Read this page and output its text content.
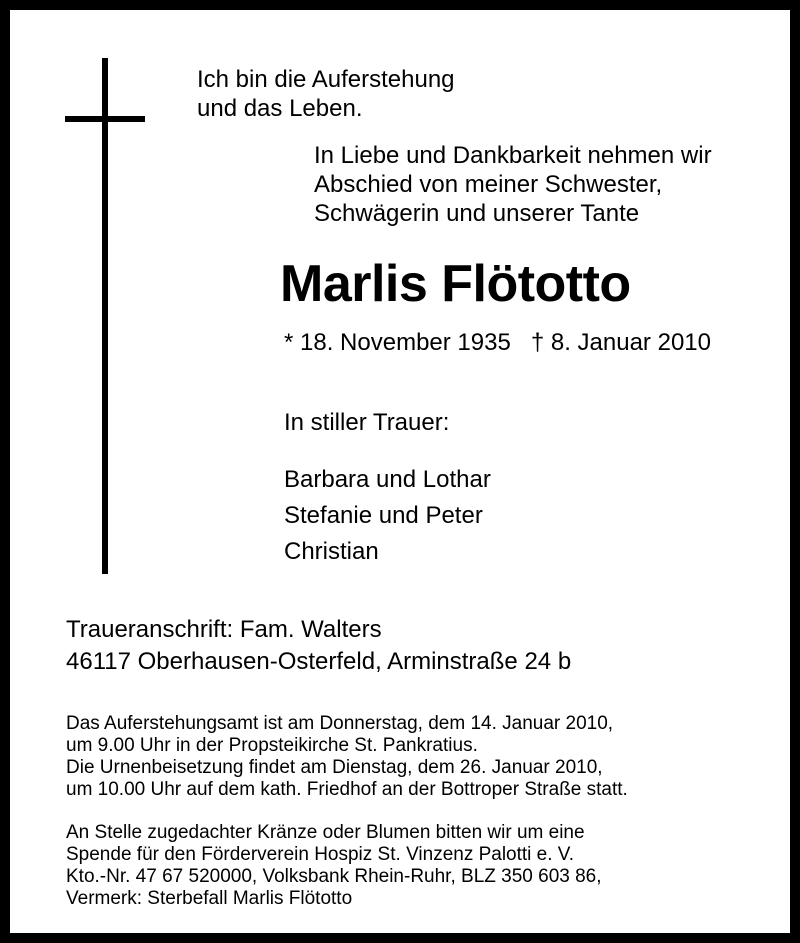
Ich bin die Auferstehung
und das Leben.

In Liebe und Dankbarkeit nehmen wir
Abschied von meiner Schwester,
Schwägerin und unserer Tante

Marlis Flötotto

* 18. November 1935 † 8. Januar 2010

In stiller Trauer:

Barbara und Lothar
Stefanie und Peter
Christian

Traueranschrift: Fam. Walters
46117 Oberhausen-Osterfeld, Arminstraße 24 b

Das Auferstehungsamt ist am Donnerstag, dem 14. Januar 2010,
um 9.00 Uhr in der Propsteikirche St. Pankratius.
Die Urnenbeisetzung findet am Dienstag, dem 26. Januar 2010,
um 10.00 Uhr auf dem kath. Friedhof an der Bottroper Straße statt.

An Stelle zugedachter Kränze oder Blumen bitten wir um eine
Spende für den Förderverein Hospiz St. Vinzenz Palotti e. V.
Kto.-Nr. 47 67 520000, Volksbank Rhein-Ruhr, BLZ 350 603 86,
Vermerk: Sterbefall Marlis Flötotto
